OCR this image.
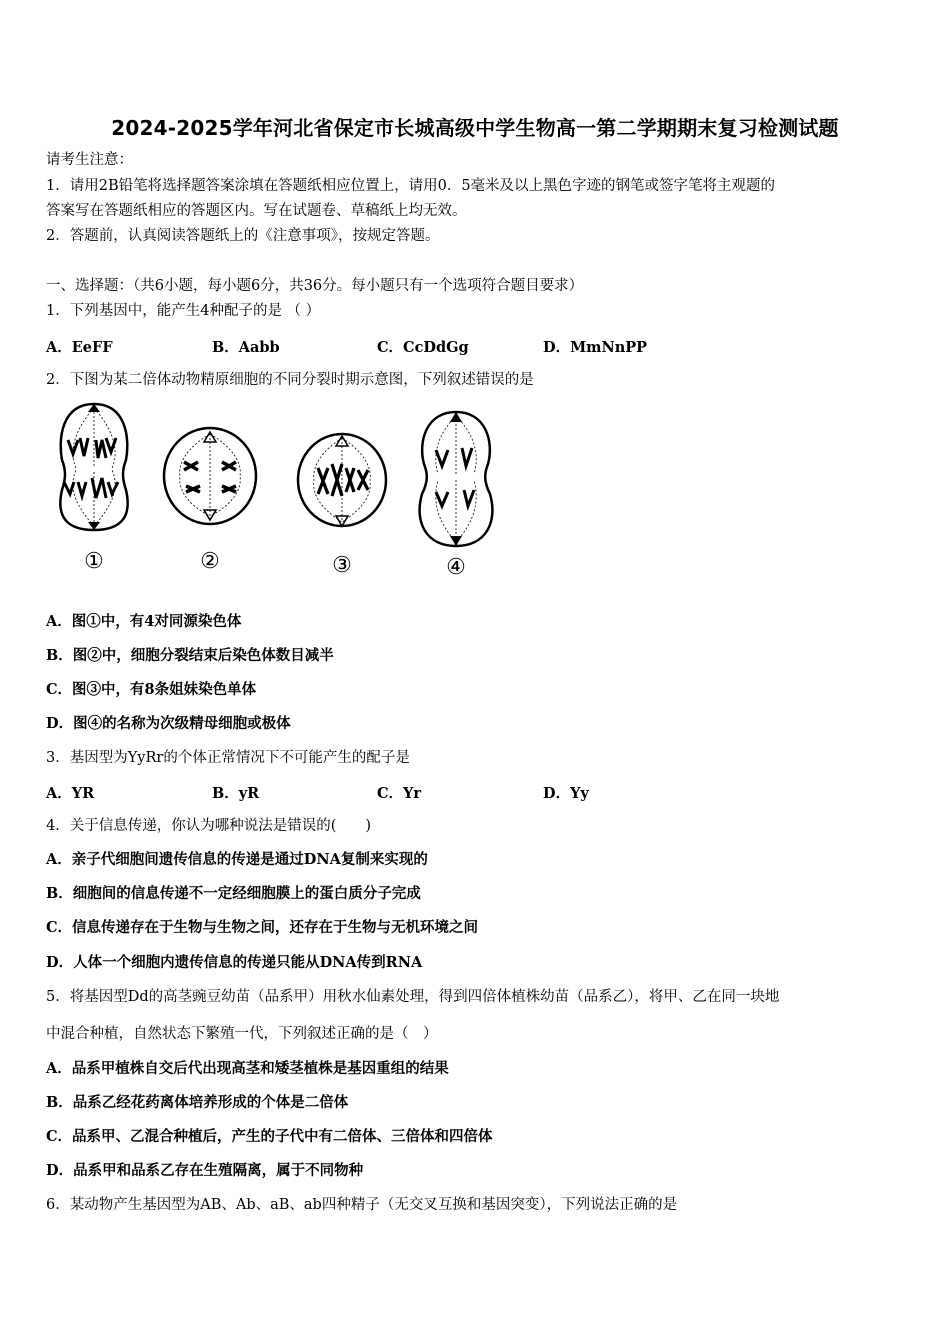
2024-2025学年河北省保定市长城高级中学生物高一第二学期期末复习检测试题
请考生注意：
1．请用2B铅笔将选择题答案涂填在答题纸相应位置上，请用0．5毫米及以上黑色字迹的钢笔或签字笔将主观题的
答案写在答题纸相应的答题区内。写在试题卷、草稿纸上均无效。
2．答题前，认真阅读答题纸上的《注意事项》，按规定答题。
一、选择题：（共6小题，每小题6分，共36分。每小题只有一个选项符合题目要求）
1．下列基因中，能产生4种配子的是 （ ）
A．EeFF	B．Aabb	C．CcDdGg	D．MmNnPP
2．下图为某二倍体动物精原细胞的不同分裂时期示意图，下列叙述错误的是
①	②	③	④
A．图①中，有4对同源染色体
B．图②中，细胞分裂结束后染色体数目减半
C．图③中，有8条姐妹染色单体
D．图④的名称为次级精母细胞或极体
3．基因型为YyRr的个体正常情况下不可能产生的配子是
A．YR	B．yR	C．Yr	D．Yy
4．关于信息传递，你认为哪种说法是错误的(　　)
A．亲子代细胞间遗传信息的传递是通过DNA复制来实现的
B．细胞间的信息传递不一定经细胞膜上的蛋白质分子完成
C．信息传递存在于生物与生物之间，还存在于生物与无机环境之间
D．人体一个细胞内遗传信息的传递只能从DNA传到RNA
5．将基因型Dd的高茎豌豆幼苗（品系甲）用秋水仙素处理，得到四倍体植株幼苗（品系乙），将甲、乙在同一块地
中混合种植，自然状态下繁殖一代，下列叙述正确的是（　）
A．品系甲植株自交后代出现高茎和矮茎植株是基因重组的结果
B．品系乙经花药离体培养形成的个体是二倍体
C．品系甲、乙混合种植后，产生的子代中有二倍体、三倍体和四倍体
D．品系甲和品系乙存在生殖隔离，属于不同物种
6．某动物产生基因型为AB、Ab、aB、ab四种精子（无交叉互换和基因突变），下列说法正确的是
